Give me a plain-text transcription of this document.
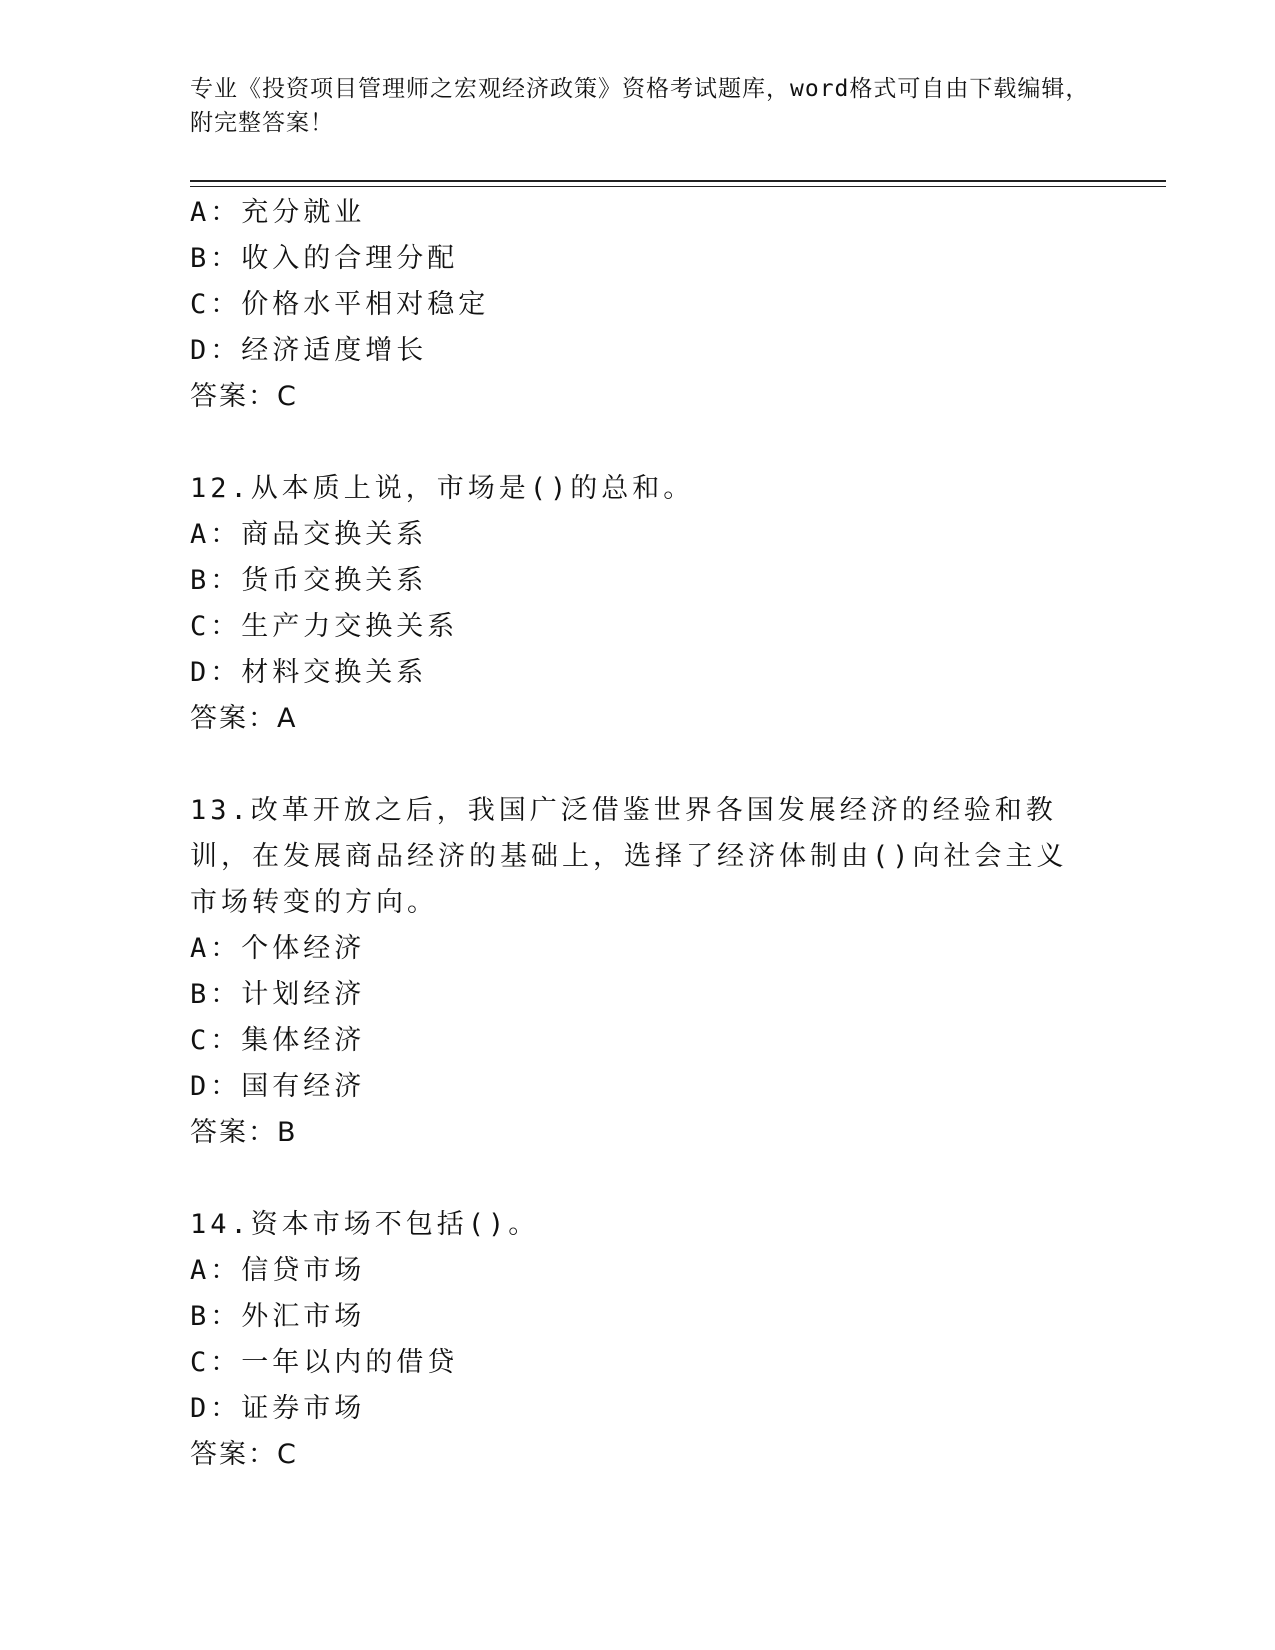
专业《投资项目管理师之宏观经济政策》资格考试题库，word格式可自由下载编辑，附完整答案！
A：充分就业
B：收入的合理分配
C：价格水平相对稳定
D：经济适度增长
答案：C
12.从本质上说，市场是()的总和。
A：商品交换关系
B：货币交换关系
C：生产力交换关系
D：材料交换关系
答案：A
13.改革开放之后，我国广泛借鉴世界各国发展经济的经验和教训，在发展商品经济的基础上，选择了经济体制由()向社会主义市场转变的方向。
A：个体经济
B：计划经济
C：集体经济
D：国有经济
答案：B
14.资本市场不包括()。
A：信贷市场
B：外汇市场
C：一年以内的借贷
D：证券市场
答案：C
